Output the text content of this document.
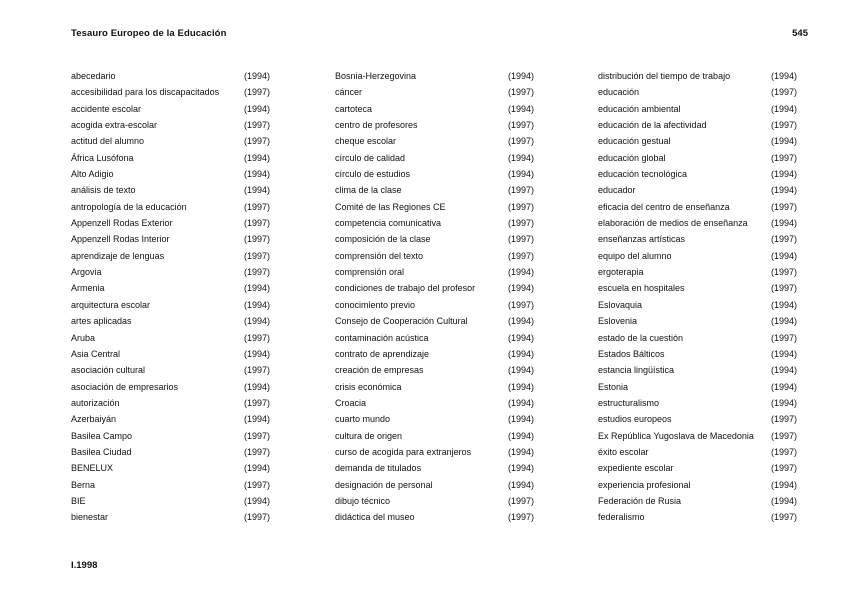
Tesauro Europeo de la Educación	545
abecedario	(1994)
accesibilidad para los discapacitados	(1997)
accidente escolar	(1994)
acogida extra-escolar	(1997)
actitud del alumno	(1997)
África Lusófona	(1994)
Alto Adigio	(1994)
análisis de texto	(1994)
antropología de la educación	(1997)
Appenzell Rodas Exterior	(1997)
Appenzell Rodas Interior	(1997)
aprendizaje de lenguas	(1997)
Argovia	(1997)
Armenia	(1994)
arquitectura escolar	(1994)
artes aplicadas	(1994)
Aruba	(1997)
Asia Central	(1994)
asociación cultural	(1997)
asociación de empresarios	(1994)
autorización	(1997)
Azerbaiyán	(1994)
Basilea Campo	(1997)
Basilea Ciudad	(1997)
BENELUX	(1994)
Berna	(1997)
BIE	(1994)
bienestar	(1997)
Bosnia-Herzegovina	(1994)
cáncer	(1997)
cartoteca	(1994)
centro de profesores	(1997)
cheque escolar	(1997)
círculo de calidad	(1994)
círculo de estudios	(1994)
clima de la clase	(1997)
Comité de las Regiones CE	(1997)
competencia comunicativa	(1997)
composición de la clase	(1997)
comprensión del texto	(1997)
comprensión oral	(1994)
condiciones de trabajo del profesor	(1994)
conocimiento previo	(1997)
Consejo de Cooperación Cultural	(1994)
contaminación acústica	(1994)
contrato de aprendizaje	(1994)
creación de empresas	(1994)
crisis económica	(1994)
Croacia	(1994)
cuarto mundo	(1994)
cultura de origen	(1994)
curso de acogida para extranjeros	(1994)
demanda de titulados	(1994)
designación de personal	(1994)
dibujo técnico	(1997)
didáctica del museo	(1997)
distribución del tiempo de trabajo	(1994)
educación	(1997)
educación ambiental	(1994)
educación de la afectividad	(1997)
educación gestual	(1994)
educación global	(1997)
educación tecnológica	(1994)
educador	(1994)
eficacia del centro de enseñanza	(1997)
elaboración de medios de enseñanza	(1994)
enseñanzas artísticas	(1997)
equipo del alumno	(1994)
ergoterapia	(1997)
escuela en hospitales	(1997)
Eslovaquia	(1994)
Eslovenia	(1994)
estado de la cuestión	(1997)
Estados Bálticos	(1994)
estancia lingüística	(1994)
Estonia	(1994)
estructuralismo	(1994)
estudios europeos	(1997)
Ex República Yugoslava de Macedonia (1997)
éxito escolar	(1997)
expediente escolar	(1997)
experiencia profesional	(1994)
Federación de Rusia	(1994)
federalismo	(1997)
I.1998
